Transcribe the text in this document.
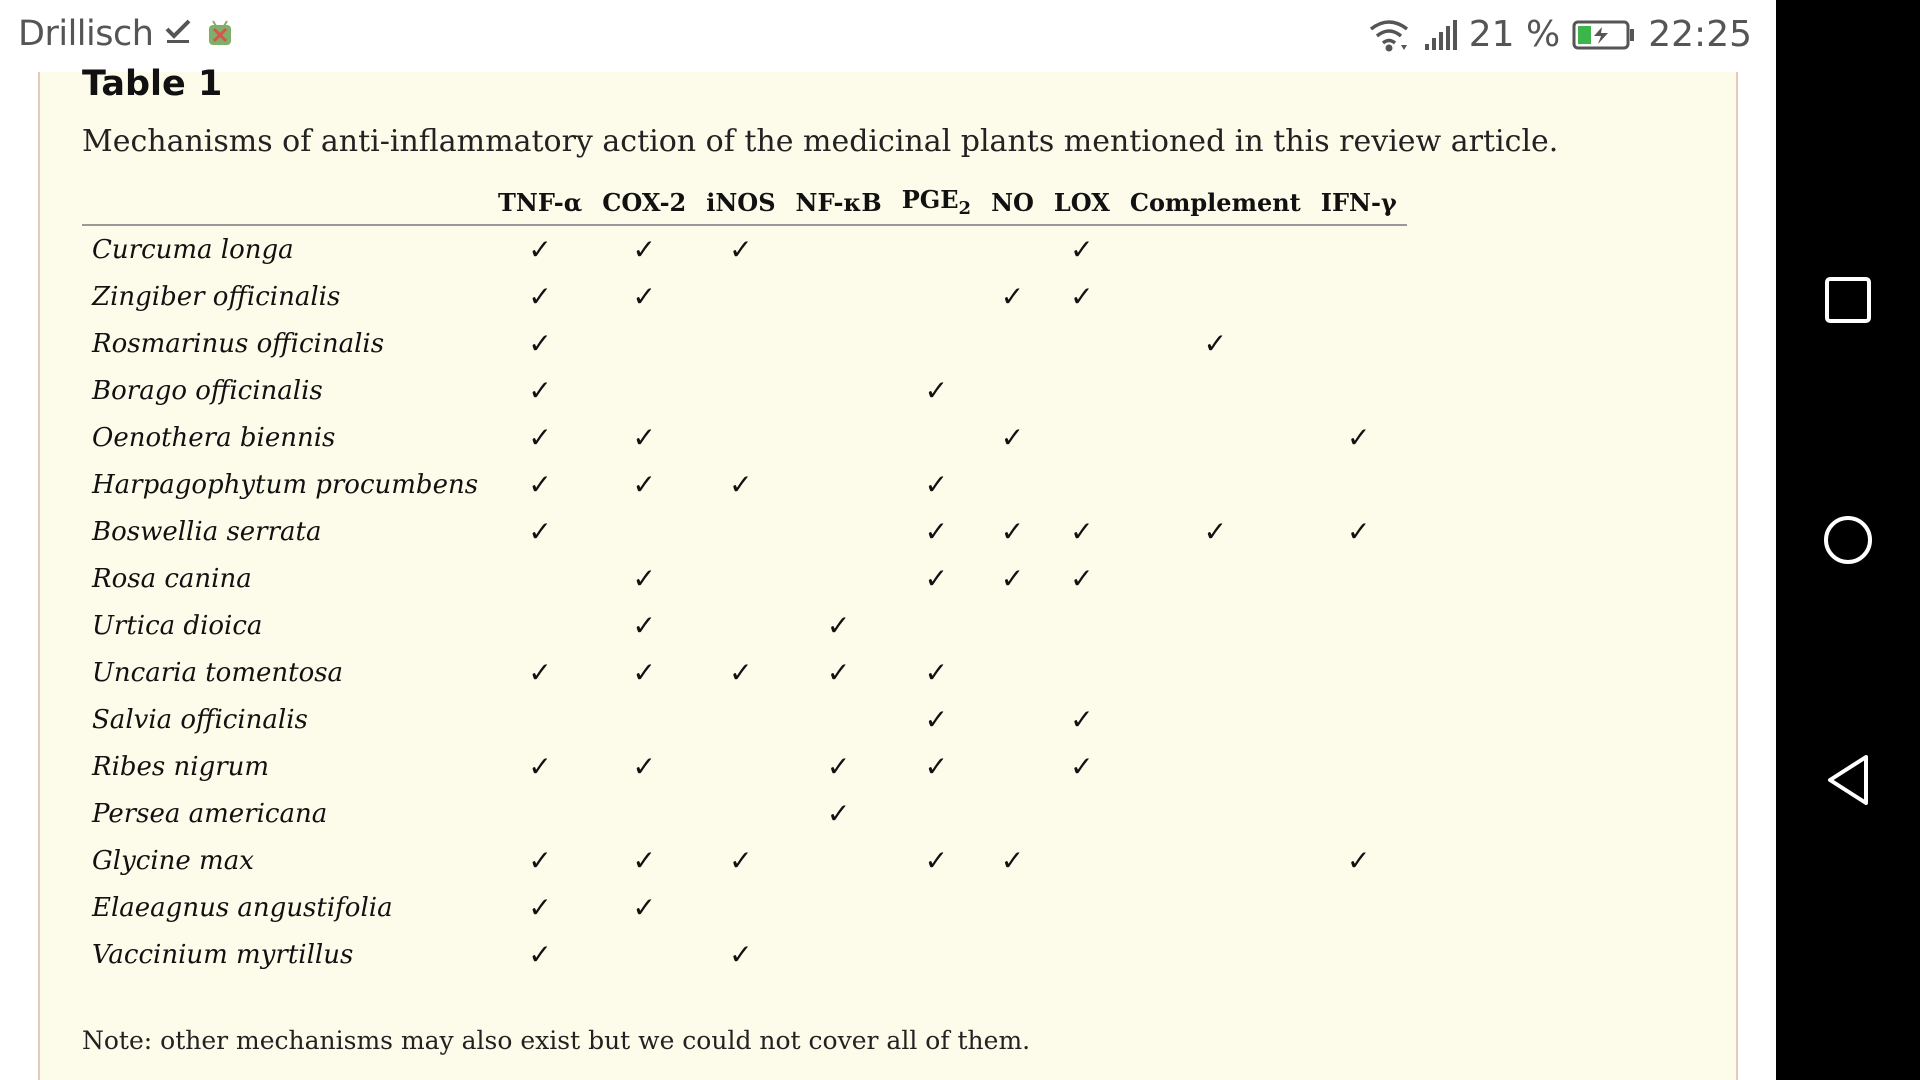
Drillisch	21 % 22:25
Table 1

Mechanisms of anti-inflammatory action of the medicinal plants mentioned in this review article.

	TNF-α	COX-2	iNOS	NF-κB	$PGE_2$	NO	LOX	Complement	IFN-γ
Curcuma longa	✓	✓	✓				✓		
Zingiber officinalis	✓	✓				✓	✓		
Rosmarinus officinalis	✓							✓	
Borago officinalis	✓				✓				
Oenothera biennis	✓	✓				✓			✓
Harpagophytum procumbens	✓	✓	✓		✓				
Boswellia serrata	✓				✓	✓	✓	✓	✓
Rosa canina		✓			✓	✓	✓		
Urtica dioica		✓		✓					
Uncaria tomentosa	✓	✓	✓	✓	✓				
Salvia officinalis					✓		✓		
Ribes nigrum	✓	✓		✓	✓		✓		
Persea americana				✓					
Glycine max	✓	✓	✓		✓	✓			✓
Elaeagnus angustifolia	✓	✓							
Vaccinium myrtillus	✓		✓						

Note: other mechanisms may also exist but we could not cover all of them.
